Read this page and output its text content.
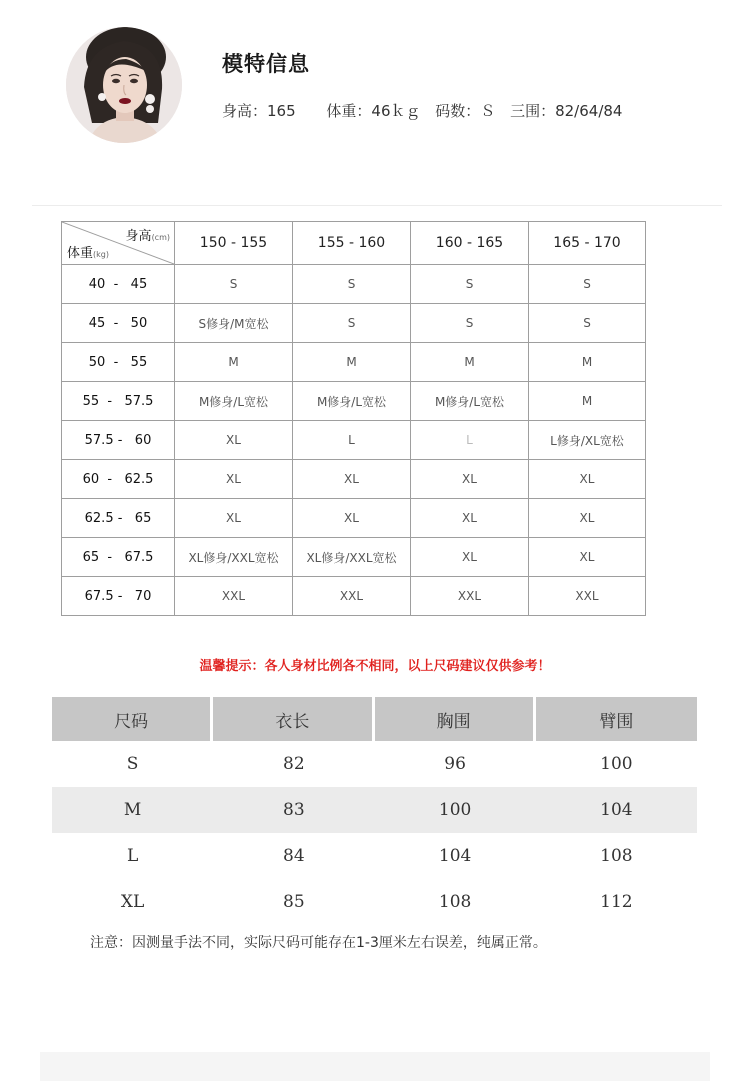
模特信息
身高：165 体重：46ｋｇ 码数：Ｓ 三围：82/64/84
身高(cm)
体重(kg)	150 - 155	155 - 160	160 - 165	165 - 170
40  -   45	S	S	S	S
45  -   50	S修身/M宽松	S	S	S
50  -   55	M	M	M	M
55  -   57.5	M修身/L宽松	M修身/L宽松	M修身/L宽松	M
57.5 -   60	XL	L	L	L修身/XL宽松
60  -   62.5	XL	XL	XL	XL
62.5 -   65	XL	XL	XL	XL
65  -   67.5	XL修身/XXL宽松	XL修身/XXL宽松	XL	XL
67.5 -   70	XXL	XXL	XXL	XXL
温馨提示：各人身材比例各不相同，以上尺码建议仅供参考！
尺码	衣长	胸围	臂围
S	82	96	100
M	83	100	104
L	84	104	108
XL	85	108	112
注意：因测量手法不同，实际尺码可能存在1-3厘米左右误差，纯属正常。
